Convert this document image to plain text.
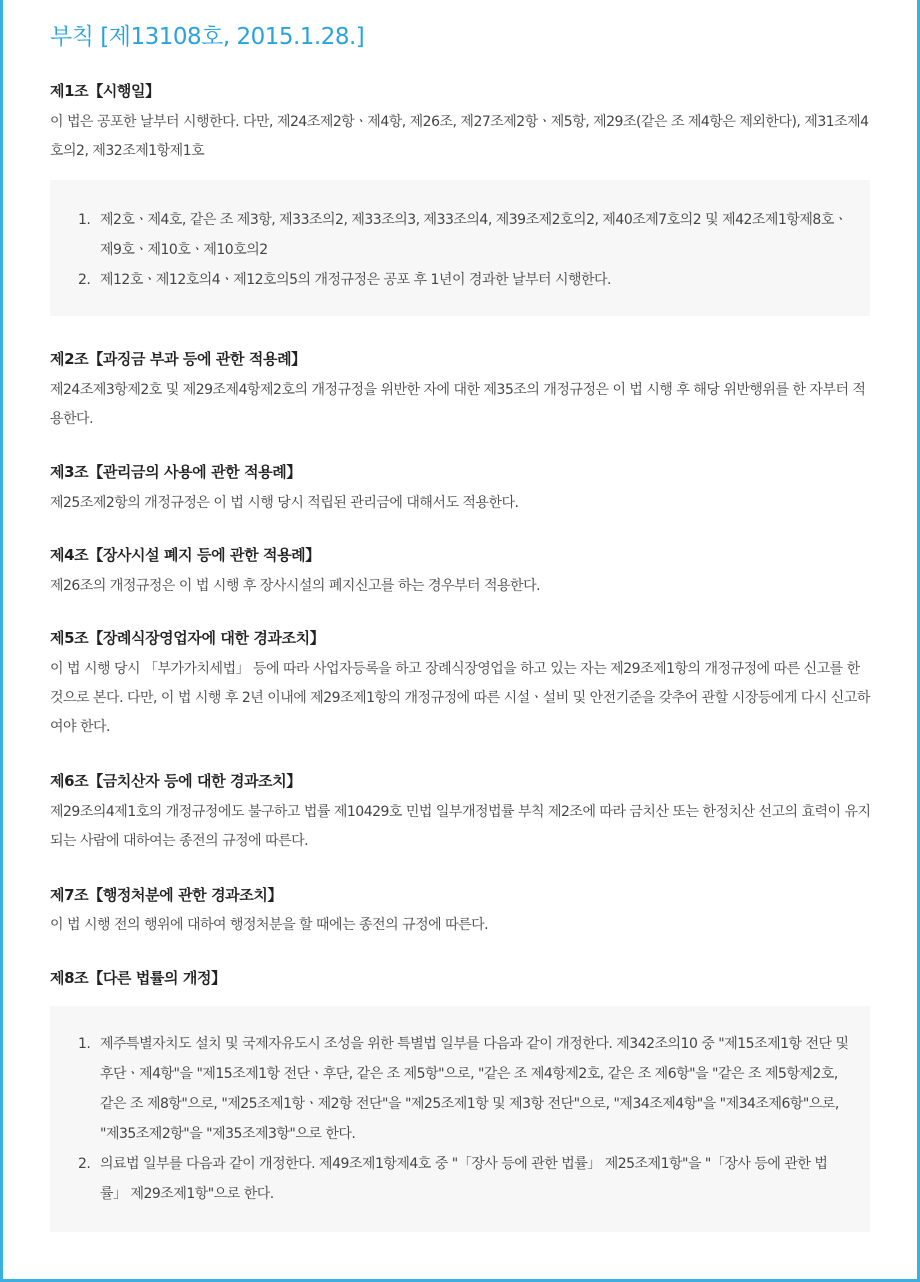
부칙 [제13108호, 2015.1.28.]
제1조【시행일】
이 법은 공포한 날부터 시행한다. 다만, 제24조제2항ㆍ제4항, 제26조, 제27조제2항ㆍ제5항, 제29조(같은 조 제4항은 제외한다), 제31조제4호의2, 제32조제1항제1호
1. 제2호ㆍ제4호, 같은 조 제3항, 제33조의2, 제33조의3, 제33조의4, 제39조제2호의2, 제40조제7호의2 및 제42조제1항제8호ㆍ제9호ㆍ제10호ㆍ제10호의2
2. 제12호ㆍ제12호의4ㆍ제12호의5의 개정규정은 공포 후 1년이 경과한 날부터 시행한다.
제2조【과징금 부과 등에 관한 적용례】
제24조제3항제2호 및 제29조제4항제2호의 개정규정을 위반한 자에 대한 제35조의 개정규정은 이 법 시행 후 해당 위반행위를 한 자부터 적용한다.
제3조【관리금의 사용에 관한 적용례】
제25조제2항의 개정규정은 이 법 시행 당시 적립된 관리금에 대해서도 적용한다.
제4조【장사시설 폐지 등에 관한 적용례】
제26조의 개정규정은 이 법 시행 후 장사시설의 폐지신고를 하는 경우부터 적용한다.
제5조【장례식장영업자에 대한 경과조치】
이 법 시행 당시 「부가가치세법」 등에 따라 사업자등록을 하고 장례식장영업을 하고 있는 자는 제29조제1항의 개정규정에 따른 신고를 한 것으로 본다. 다만, 이 법 시행 후 2년 이내에 제29조제1항의 개정규정에 따른 시설ㆍ설비 및 안전기준을 갖추어 관할 시장등에게 다시 신고하여야 한다.
제6조【금치산자 등에 대한 경과조치】
제29조의4제1호의 개정규정에도 불구하고 법률 제10429호 민법 일부개정법률 부칙 제2조에 따라 금치산 또는 한정치산 선고의 효력이 유지되는 사람에 대하여는 종전의 규정에 따른다.
제7조【행정처분에 관한 경과조치】
이 법 시행 전의 행위에 대하여 행정처분을 할 때에는 종전의 규정에 따른다.
제8조【다른 법률의 개정】
1. 제주특별자치도 설치 및 국제자유도시 조성을 위한 특별법 일부를 다음과 같이 개정한다. 제342조의10 중 "제15조제1항 전단 및 후단ㆍ제4항"을 "제15조제1항 전단ㆍ후단, 같은 조 제5항"으로, "같은 조 제4항제2호, 같은 조 제6항"을 "같은 조 제5항제2호, 같은 조 제8항"으로, "제25조제1항ㆍ제2항 전단"을 "제25조제1항 및 제3항 전단"으로, "제34조제4항"을 "제34조제6항"으로, "제35조제2항"을 "제35조제3항"으로 한다.
2. 의료법 일부를 다음과 같이 개정한다. 제49조제1항제4호 중 "「장사 등에 관한 법률」 제25조제1항"을 "「장사 등에 관한 법률」 제29조제1항"으로 한다.
